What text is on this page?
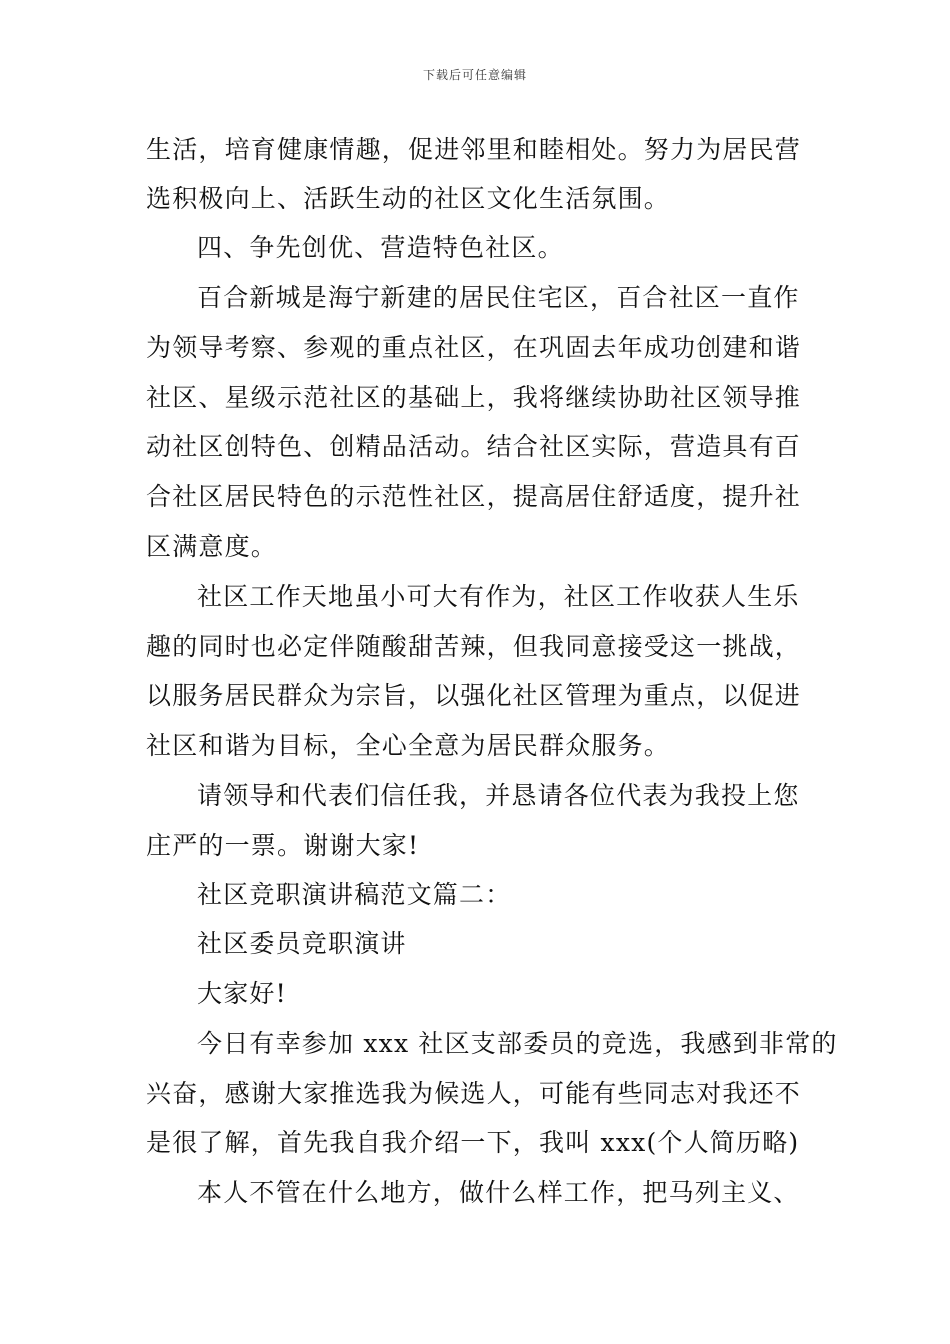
下载后可任意编辑
生活，培育健康情趣，促进邻里和睦相处。努力为居民营
选积极向上、活跃生动的社区文化生活氛围。
四、争先创优、营造特色社区。
百合新城是海宁新建的居民住宅区，百合社区一直作
为领导考察、参观的重点社区，在巩固去年成功创建和谐
社区、星级示范社区的基础上，我将继续协助社区领导推
动社区创特色、创精品活动。结合社区实际，营造具有百
合社区居民特色的示范性社区，提高居住舒适度，提升社
区满意度。
社区工作天地虽小可大有作为，社区工作收获人生乐
趣的同时也必定伴随酸甜苦辣，但我同意接受这一挑战，
以服务居民群众为宗旨，以强化社区管理为重点，以促进
社区和谐为目标，全心全意为居民群众服务。
请领导和代表们信任我，并恳请各位代表为我投上您
庄严的一票。谢谢大家!
社区竞职演讲稿范文篇二：
社区委员竞职演讲
大家好!
今日有幸参加 xxx 社区支部委员的竞选，我感到非常的
兴奋，感谢大家推选我为候选人，可能有些同志对我还不
是很了解，首先我自我介绍一下，我叫 xxx(个人简历略)
本人不管在什么地方，做什么样工作，把马列主义、
